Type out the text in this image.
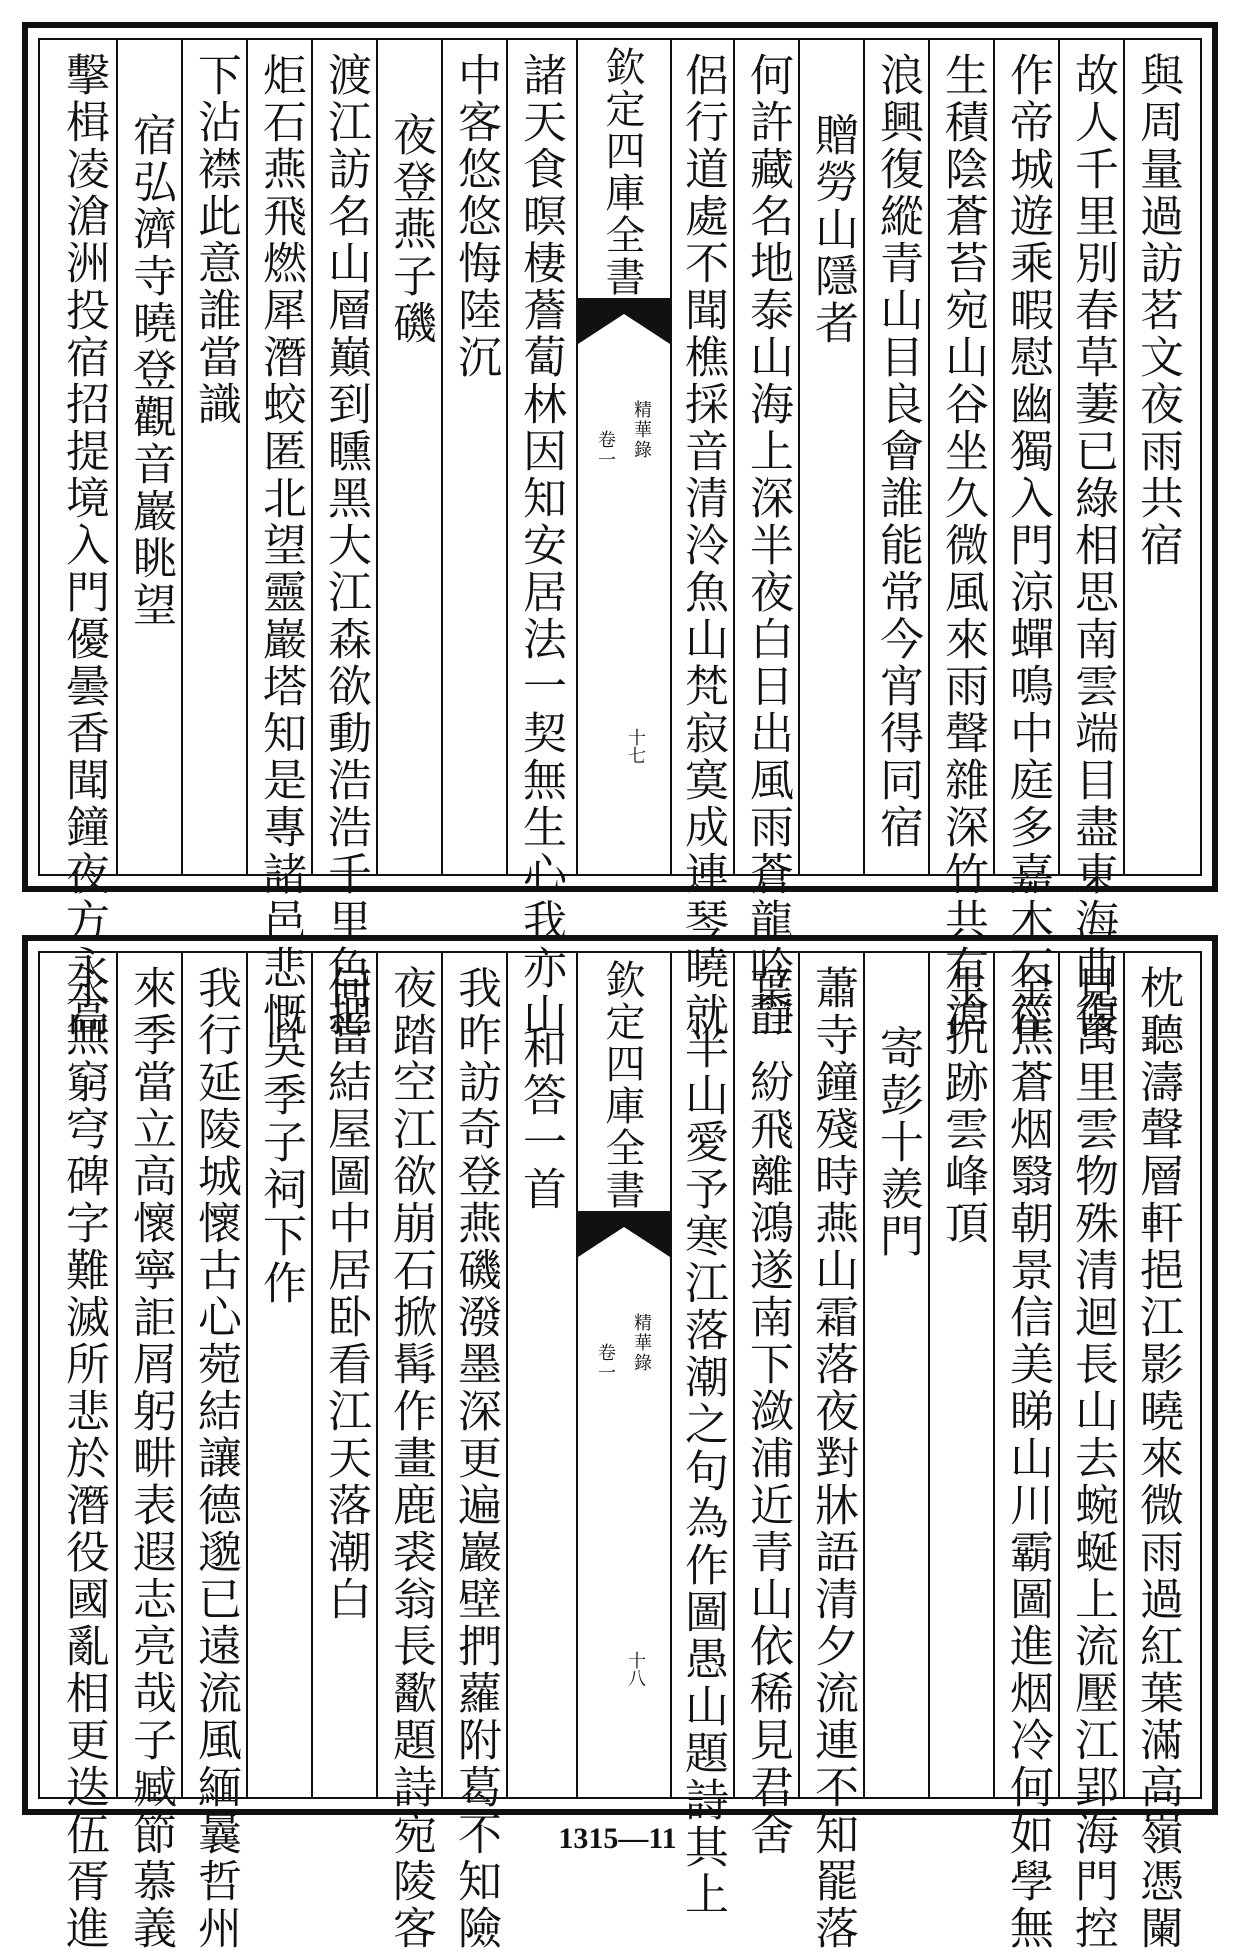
與周量過訪茗文夜雨共宿
故人千里別春草萋已綠相思南雲端目盡東海曲復
作帝城遊乘暇慰幽獨入門涼蟬鳴中庭多嘉木石徑
生積陰蒼苔宛山谷坐久微風來雨聲雜深竹共有滄
浪興復縱青山目良會誰能常今宵得同宿
贈勞山隱者
何許藏名地泰山海上深半夜白日出風雨蒼龍吟靜
侶行道處不聞樵採音清泠魚山梵寂寞成連琴曉就
欽定四庫全書
精華錄
卷一
十七
諸天食暝棲薝蔔林因知安居法一契無生心我亦山
中客悠悠悔陸沉
夜登燕子磯
渡江訪名山層巔到矄黑大江森欲動浩浩千里色把
炬石燕飛燃犀潛蛟匿北望靈巖塔知是專諸邑悲慨
下沾襟此意誰當識
宿弘濟寺曉登觀音巖眺望
擊楫凌滄洲投宿招提境入門優曇香聞鐘夜方永高
枕聽濤聲層軒挹江影曉來微雨過紅葉滿高嶺憑闌
見萬里雲物殊清迴長山去蜿蜒上流壓江郢海門控
金焦蒼烟翳朝景信美睇山川霸圖進烟冷何如學無
生抗跡雲峰頂
寄彭十羨門
蕭寺鐘殘時燕山霜落夜對牀語清夕流連不知罷落
葉一紛飛離鴻遂南下潋浦近青山依稀見君舍
半山愛予寒江落潮之句為作圖愚山題詩其上
欽定四庫全書
精華錄
卷一
十八
和答一首
我昨訪奇登燕磯潑墨深更遍巖壁捫蘿附葛不知險
夜踏空江欲崩石掀髯作畫鹿裘翁長歠題詩宛陵客
何當結屋圖中居卧看江天落潮白
吳季子祠下作
我行延陵城懷古心菀結讓德邈已遠流風緬曩哲州
來季當立高懷寧詎屑躬畊表遐志亮哉子臧節慕義
永無窮穹碑字難滅所悲於潛役國亂相更迭伍胥進	1315—11
